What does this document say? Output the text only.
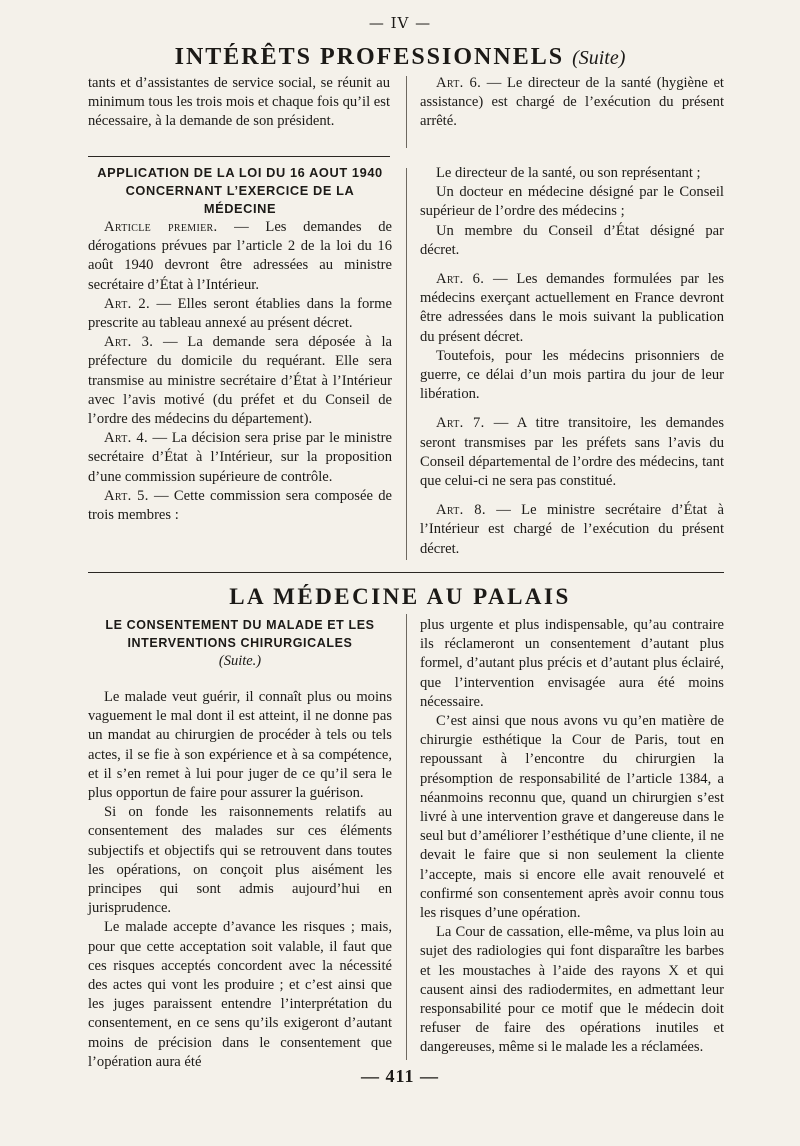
— IV —
INTÉRÊTS PROFESSIONNELS (Suite)

tants et d’assistantes de service social, se réunit au minimum tous les trois mois et chaque fois qu’il est nécessaire, à la demande de son président.

Art. 6. — Le directeur de la santé (hygiène et assistance) est chargé de l’exécution du présent arrêté.

APPLICATION DE LA LOI DU 16 AOUT 1940
CONCERNANT L’EXERCICE DE LA MÉDECINE

Article premier. — Les demandes de dérogations prévues par l’article 2 de la loi du 16 août 1940 devront être adressées au ministre secrétaire d’État à l’Intérieur.

Art. 2. — Elles seront établies dans la forme prescrite au tableau annexé au présent décret.

Art. 3. — La demande sera déposée à la préfecture du domicile du requérant. Elle sera transmise au ministre secrétaire d’État à l’Intérieur avec l’avis motivé (du préfet et du Conseil de l’ordre des médecins du département).

Art. 4. — La décision sera prise par le ministre secrétaire d’État à l’Intérieur, sur la proposition d’une commission supérieure de contrôle.

Art. 5. — Cette commission sera composée de trois membres :

Le directeur de la santé, ou son représentant ;

Un docteur en médecine désigné par le Conseil supérieur de l’ordre des médecins ;

Un membre du Conseil d’État désigné par décret.

Art. 6. — Les demandes formulées par les médecins exerçant actuellement en France devront être adressées dans le mois suivant la publication du présent décret.

Toutefois, pour les médecins prisonniers de guerre, ce délai d’un mois partira du jour de leur libération.

Art. 7. — A titre transitoire, les demandes seront transmises par les préfets sans l’avis du Conseil départemental de l’ordre des médecins, tant que celui-ci ne sera pas constitué.

Art. 8. — Le ministre secrétaire d’État à l’Intérieur est chargé de l’exécution du présent décret.

LA MÉDECINE AU PALAIS
LE CONSENTEMENT DU MALADE ET LES
INTERVENTIONS CHIRURGICALES
(Suite.)

Le malade veut guérir, il connaît plus ou moins vaguement le mal dont il est atteint, il ne donne pas un mandat au chirurgien de procéder à tels ou tels actes, il se fie à son expérience et à sa compétence, et il s’en remet à lui pour juger de ce qu’il sera le plus opportun de faire pour assurer la guérison.

Si on fonde les raisonnements relatifs au consentement des malades sur ces éléments subjectifs et objectifs qui se retrouvent dans toutes les opérations, on conçoit plus aisément les principes qui sont admis aujourd’hui en jurisprudence.

Le malade accepte d’avance les risques ; mais, pour que cette acceptation soit valable, il faut que ces risques acceptés concordent avec la nécessité des actes qui vont les produire ; et c’est ainsi que les juges paraissent entendre l’interprétation du consentement, en ce sens qu’ils exigeront d’autant moins de précision dans le consentement que l’opération aura été

plus urgente et plus indispensable, qu’au contraire ils réclameront un consentement d’autant plus formel, d’autant plus précis et d’autant plus éclairé, que l’intervention envisagée aura été moins nécessaire.

C’est ainsi que nous avons vu qu’en matière de chirurgie esthétique la Cour de Paris, tout en repoussant à l’encontre du chirurgien la présomption de responsabilité de l’article 1384, a néanmoins reconnu que, quand un chirurgien s’est livré à une intervention grave et dangereuse dans le seul but d’améliorer l’esthétique d’une cliente, il ne devait le faire que si non seulement la cliente l’accepte, mais si encore elle avait renouvelé et confirmé son consentement après avoir connu tous les risques d’une opération.

La Cour de cassation, elle-même, va plus loin au sujet des radiologies qui font disparaître les barbes et les moustaches à l’aide des rayons X et qui causent ainsi des radiodermites, en admettant leur responsabilité pour ce motif que le médecin doit refuser de faire des opérations inutiles et dangereuses, même si le malade les a réclamées.

— 411 —
